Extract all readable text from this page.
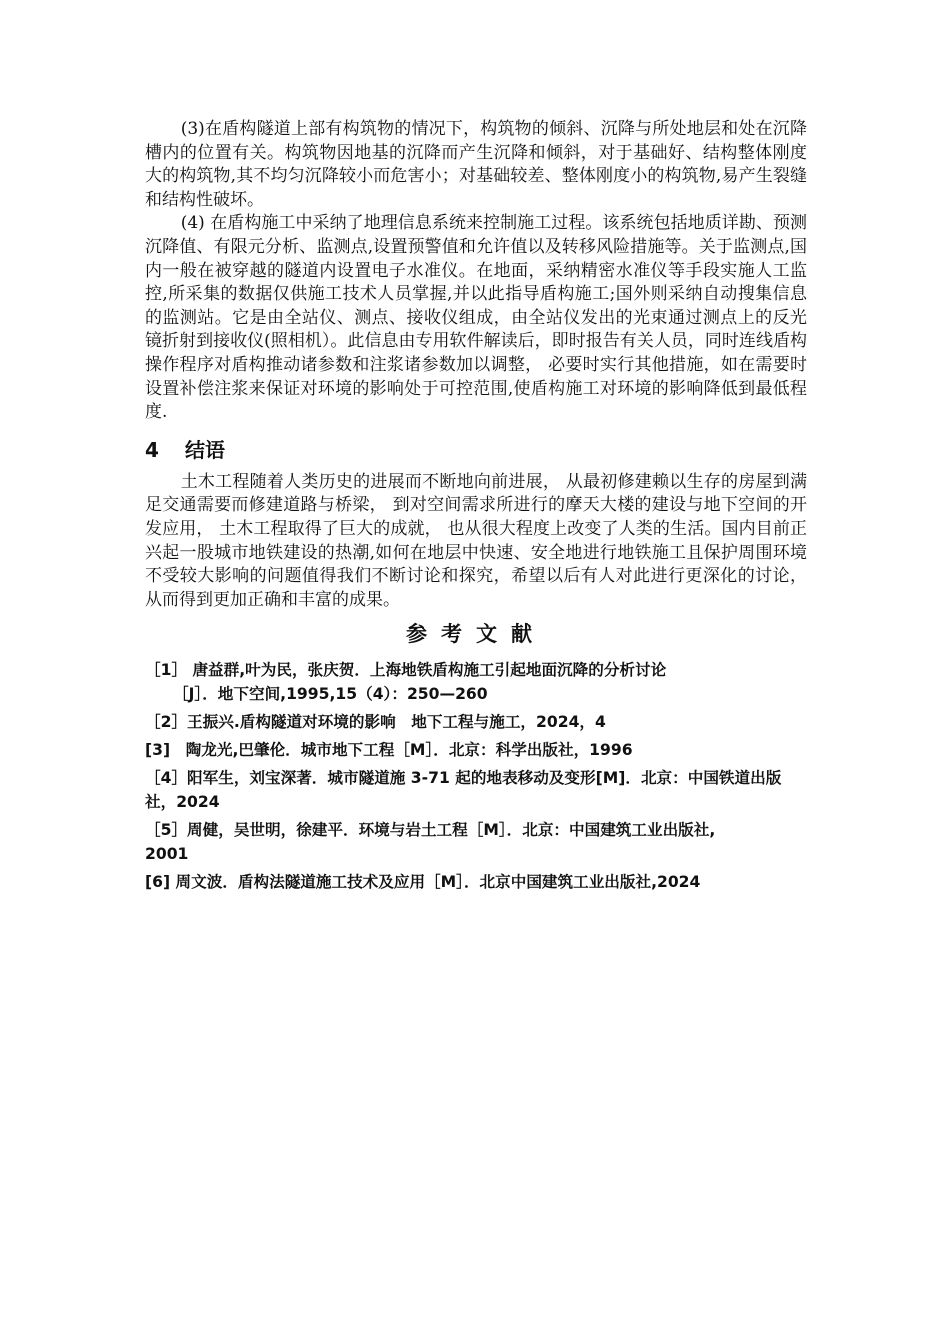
(3)在盾构隧道上部有构筑物的情况下，构筑物的倾斜、沉降与所处地层和处在沉降槽内的位置有关。构筑物因地基的沉降而产生沉降和倾斜，对于基础好、结构整体刚度大的构筑物,其不均匀沉降较小而危害小；对基础较差、整体刚度小的构筑物,易产生裂缝和结构性破坏。

(4) 在盾构施工中采纳了地理信息系统来控制施工过程。该系统包括地质详勘、预测沉降值、有限元分析、监测点,设置预警值和允许值以及转移风险措施等。关于监测点,国内一般在被穿越的隧道内设置电子水准仪。在地面，采纳精密水准仪等手段实施人工监控,所采集的数据仅供施工技术人员掌握,并以此指导盾构施工;国外则采纳自动搜集信息的监测站。它是由全站仪、测点、接收仪组成，由全站仪发出的光束通过测点上的反光镜折射到接收仪(照相机）。此信息由专用软件解读后，即时报告有关人员，同时连线盾构操作程序对盾构推动诸参数和注浆诸参数加以调整， 必要时实行其他措施，如在需要时设置补偿注浆来保证对环境的影响处于可控范围,使盾构施工对环境的影响降低到最低程度.

4 结语

土木工程随着人类历史的进展而不断地向前进展， 从最初修建赖以生存的房屋到满足交通需要而修建道路与桥梁， 到对空间需求所进行的摩天大楼的建设与地下空间的开发应用， 土木工程取得了巨大的成就， 也从很大程度上改变了人类的生活。国内目前正兴起一股城市地铁建设的热潮,如何在地层中快速、安全地进行地铁施工且保护周围环境不受较大影响的问题值得我们不断讨论和探究，希望以后有人对此进行更深化的讨论，从而得到更加正确和丰富的成果。

参考文献
［1］ 唐益群,叶为民，张庆贺．上海地铁盾构施工引起地面沉降的分析讨论
［J］．地下空间,1995,15（4）：250—260
［2］王振兴.盾构隧道对环境的影响　地下工程与施工，2024，4
[3]　陶龙光,巴肇伦．城市地下工程［M］．北京：科学出版社，1996
［4］阳军生，刘宝深著．城市隧道施 3-71 起的地表移动及变形[M]．北京：中国铁道出版社，2024
［5］周健，吴世明，徐建平．环境与岩土工程［M］．北京：中国建筑工业出版社,
2001
[6] 周文波．盾构法隧道施工技术及应用［M］．北京中国建筑工业出版社,2024
